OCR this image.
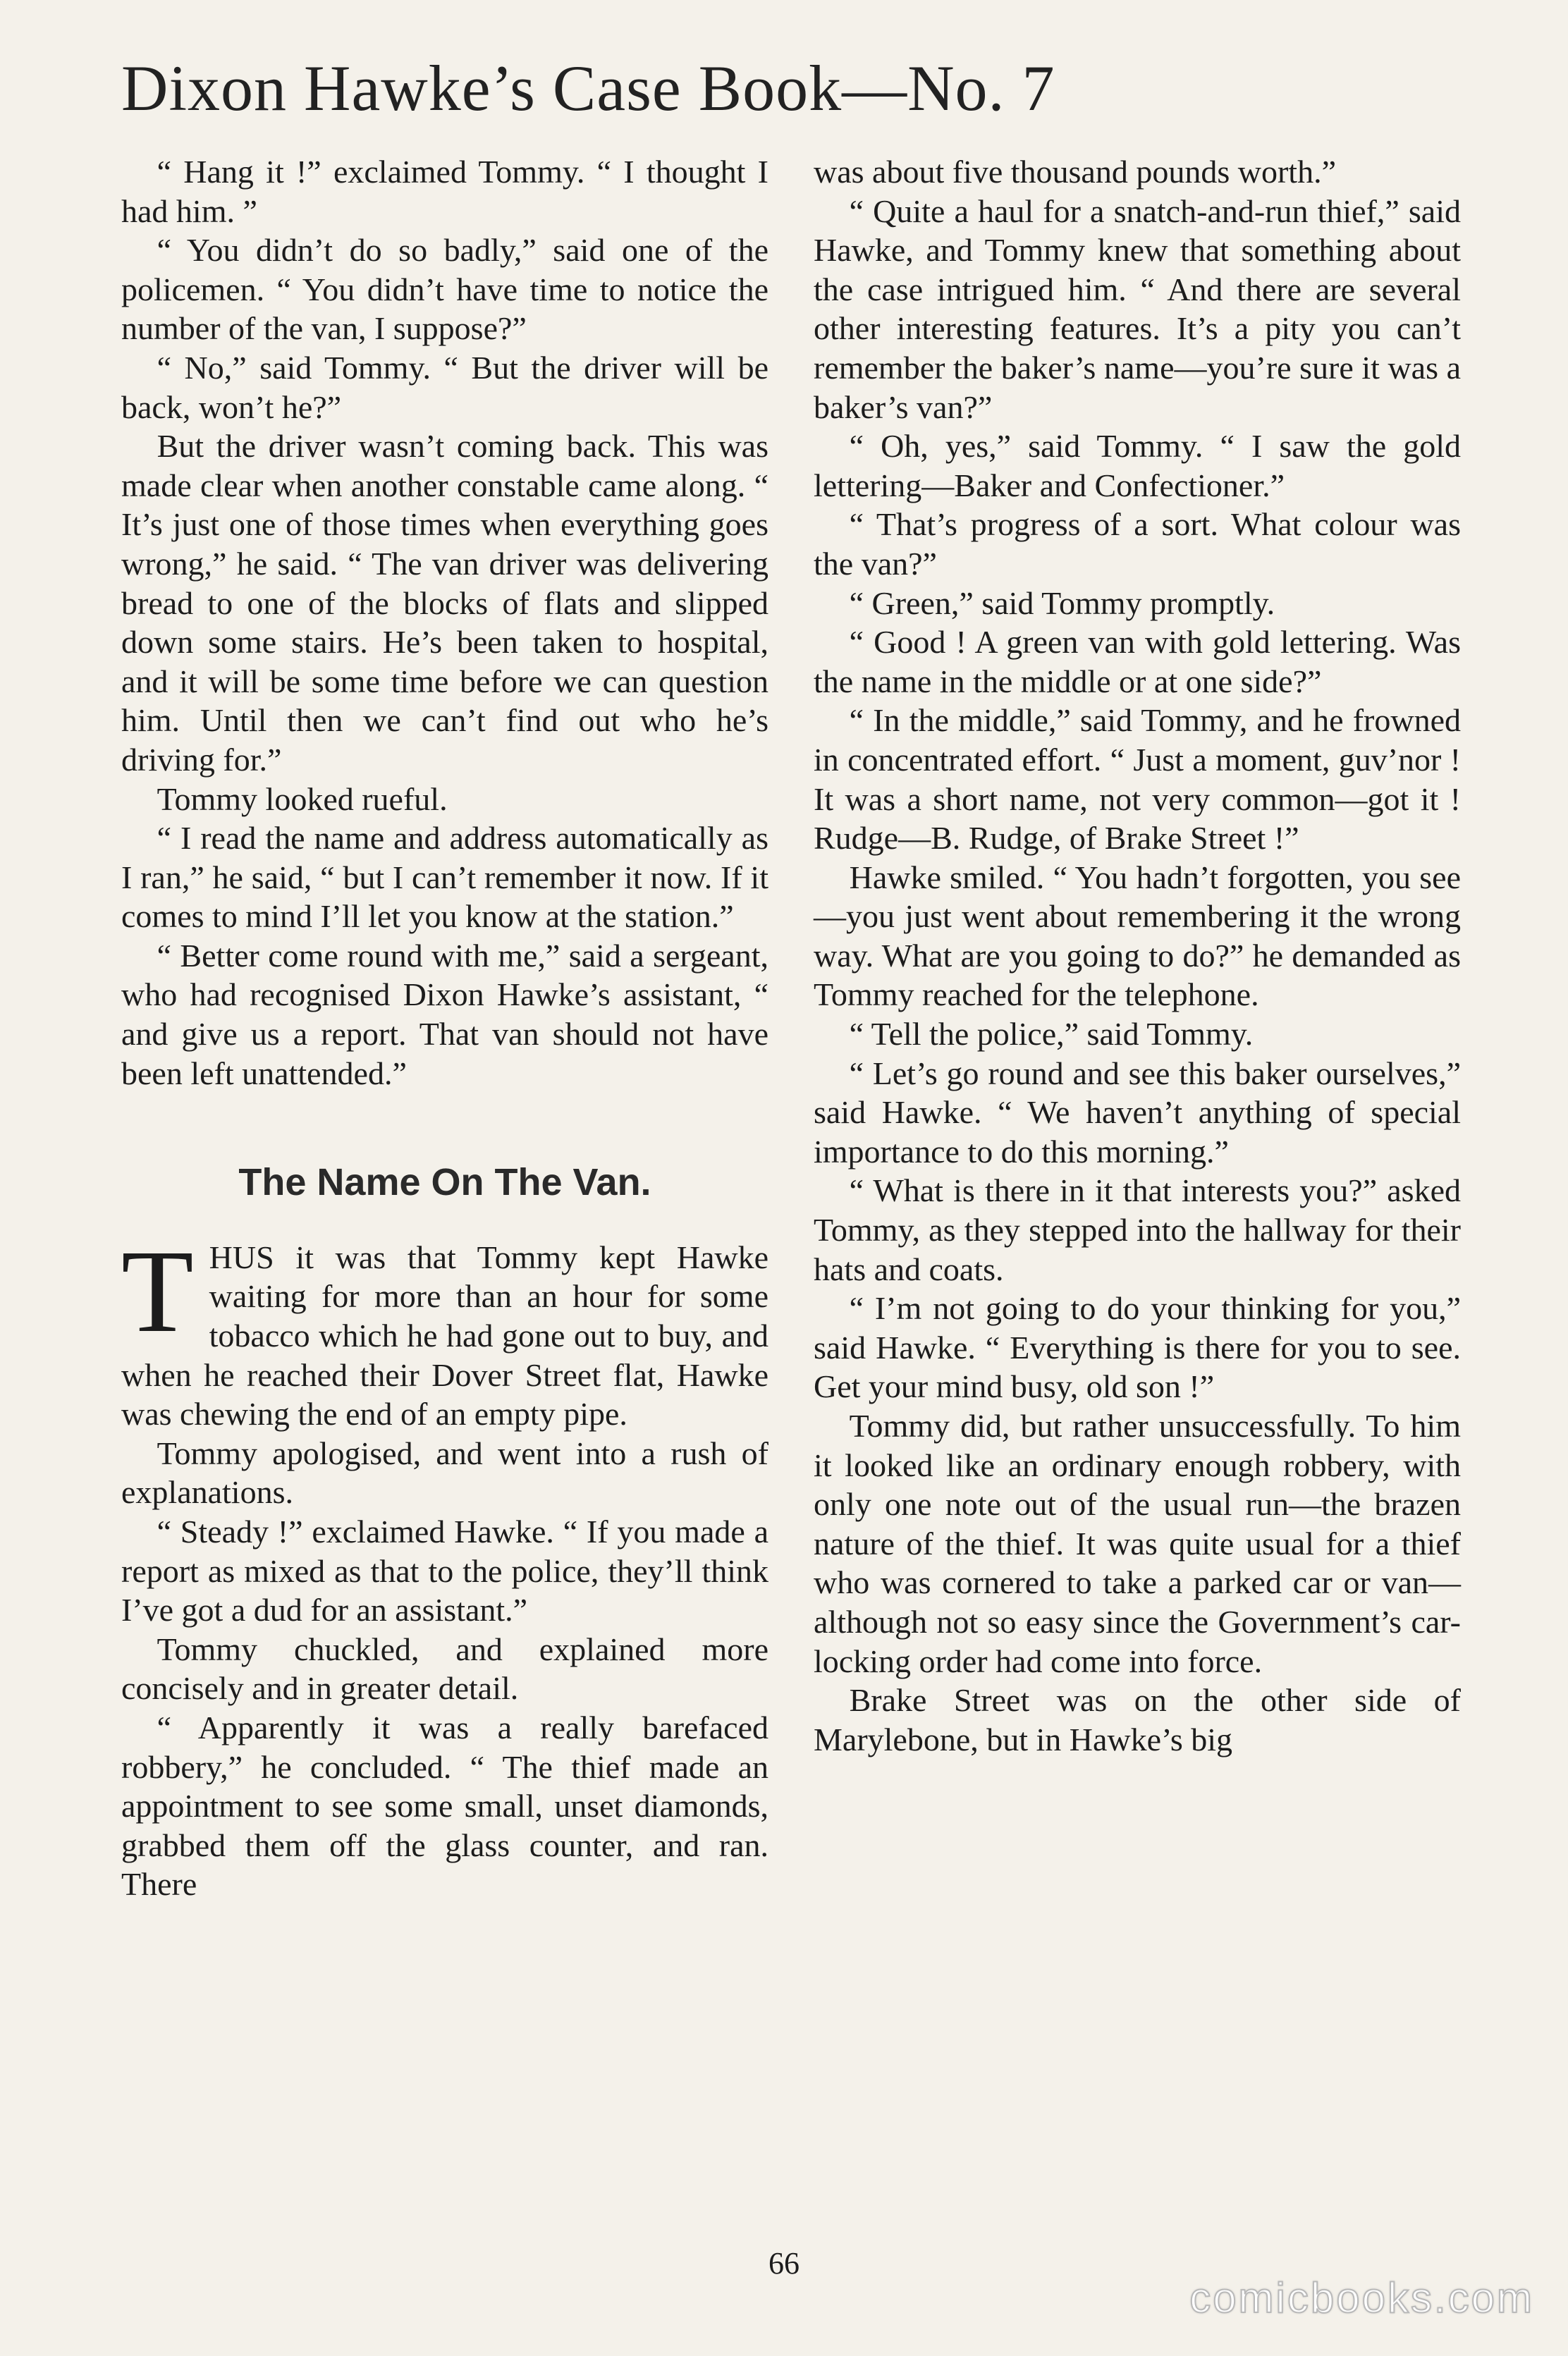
Dixon Hawke’s Case Book—No. 7

“ Hang it !” exclaimed Tommy. “ I thought I had him. ”

“ You didn’t do so badly,” said one of the policemen. “ You didn’t have time to notice the number of the van, I suppose?”

“ No,” said Tommy. “ But the driver will be back, won’t he?”

But the driver wasn’t coming back. This was made clear when another constable came along. “ It’s just one of those times when everything goes wrong,” he said. “ The van driver was delivering bread to one of the blocks of flats and slipped down some stairs. He’s been taken to hospital, and it will be some time before we can question him. Until then we can’t find out who he’s driving for.”

Tommy looked rueful.

“ I read the name and address automatically as I ran,” he said, “ but I can’t remember it now. If it comes to mind I’ll let you know at the station.”

“ Better come round with me,” said a sergeant, who had recognised Dixon Hawke’s assistant, “ and give us a report. That van should not have been left unattended.”

The Name On The Van.

THUS it was that Tommy kept Hawke waiting for more than an hour for some tobacco which he had gone out to buy, and when he reached their Dover Street flat, Hawke was chewing the end of an empty pipe.

Tommy apologised, and went into a rush of explanations.

“ Steady !” exclaimed Hawke. “ If you made a report as mixed as that to the police, they’ll think I’ve got a dud for an assistant.”

Tommy chuckled, and explained more concisely and in greater detail.

“ Apparently it was a really barefaced robbery,” he concluded. “ The thief made an appointment to see some small, unset diamonds, grabbed them off the glass counter, and ran. There

was about five thousand pounds worth.”

“ Quite a haul for a snatch-and-run thief,” said Hawke, and Tommy knew that something about the case intrigued him. “ And there are several other interesting features. It’s a pity you can’t remember the baker’s name—you’re sure it was a baker’s van?”

“ Oh, yes,” said Tommy. “ I saw the gold lettering—Baker and Confectioner.”

“ That’s progress of a sort. What colour was the van?”

“ Green,” said Tommy promptly.

“ Good ! A green van with gold lettering. Was the name in the middle or at one side?”

“ In the middle,” said Tommy, and he frowned in concentrated effort. “ Just a moment, guv’nor ! It was a short name, not very common—got it ! Rudge—B. Rudge, of Brake Street !”

Hawke smiled. “ You hadn’t forgotten, you see—you just went about remembering it the wrong way. What are you going to do?” he demanded as Tommy reached for the telephone.

“ Tell the police,” said Tommy.

“ Let’s go round and see this baker ourselves,” said Hawke. “ We haven’t anything of special importance to do this morning.”

“ What is there in it that interests you?” asked Tommy, as they stepped into the hallway for their hats and coats.

“ I’m not going to do your thinking for you,” said Hawke. “ Everything is there for you to see. Get your mind busy, old son !”

Tommy did, but rather unsuccessfully. To him it looked like an ordinary enough robbery, with only one note out of the usual run—the brazen nature of the thief. It was quite usual for a thief who was cornered to take a parked car or van—although not so easy since the Government’s car-locking order had come into force.

Brake Street was on the other side of Marylebone, but in Hawke’s big

66
comicbooks.com
